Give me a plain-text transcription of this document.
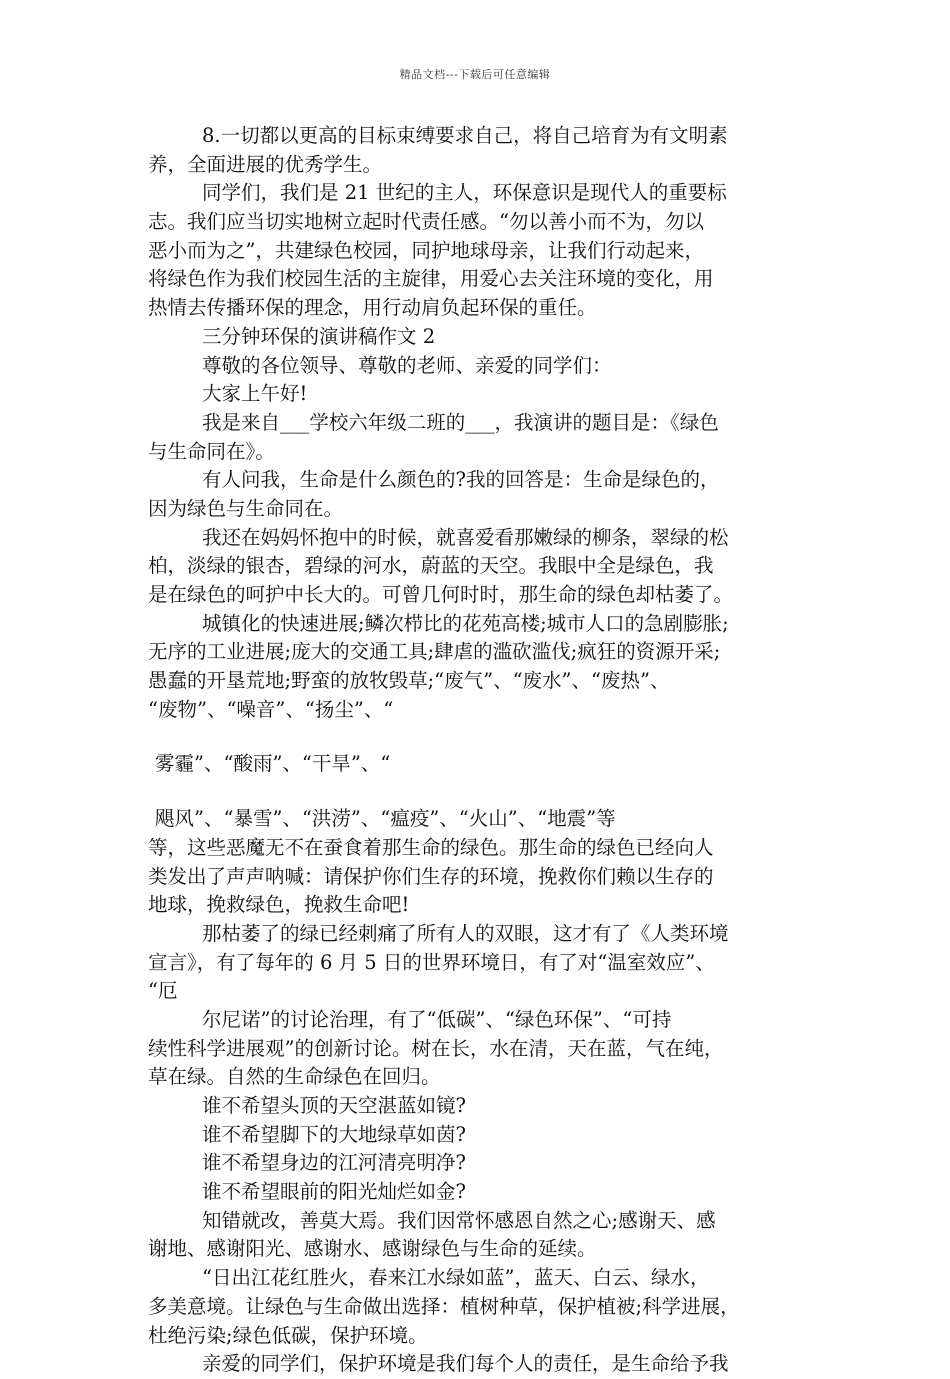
精品文档---下载后可任意编辑
8.一切都以更高的目标束缚要求自己，将自己培育为有文明素
养，全面进展的优秀学生。
同学们，我们是 21 世纪的主人，环保意识是现代人的重要标
志。我们应当切实地树立起时代责任感。“勿以善小而不为，勿以
恶小而为之”，共建绿色校园，同护地球母亲，让我们行动起来，
将绿色作为我们校园生活的主旋律，用爱心去关注环境的变化，用
热情去传播环保的理念，用行动肩负起环保的重任。
三分钟环保的演讲稿作文 2
尊敬的各位领导、尊敬的老师、亲爱的同学们：
大家上午好!
我是来自___学校六年级二班的___，我演讲的题目是：《绿色
与生命同在》。
有人问我，生命是什么颜色的?我的回答是：生命是绿色的，
因为绿色与生命同在。
我还在妈妈怀抱中的时候，就喜爱看那嫩绿的柳条，翠绿的松
柏，淡绿的银杏，碧绿的河水，蔚蓝的天空。我眼中全是绿色，我
是在绿色的呵护中长大的。可曾几何时时，那生命的绿色却枯萎了。
城镇化的快速进展;鳞次栉比的花苑高楼;城市人口的急剧膨胀;
无序的工业进展;庞大的交通工具;肆虐的滥砍滥伐;疯狂的资源开采;
愚蠢的开垦荒地;野蛮的放牧毁草;“废气”、“废水”、“废热”、
“废物”、“噪音”、“扬尘”、“
雾霾”、“酸雨”、“干旱”、“
飓风”、“暴雪”、“洪涝”、“瘟疫”、“火山”、“地震”等
等，这些恶魔无不在蚕食着那生命的绿色。那生命的绿色已经向人
类发出了声声呐喊：请保护你们生存的环境，挽救你们赖以生存的
地球，挽救绿色，挽救生命吧!
那枯萎了的绿已经刺痛了所有人的双眼，这才有了《人类环境
宣言》，有了每年的 6 月 5 日的世界环境日，有了对“温室效应”、
“厄
尔尼诺”的讨论治理，有了“低碳”、“绿色环保”、“可持
续性科学进展观”的创新讨论。树在长，水在清，天在蓝，气在纯，
草在绿。自然的生命绿色在回归。
谁不希望头顶的天空湛蓝如镜?
谁不希望脚下的大地绿草如茵?
谁不希望身边的江河清亮明净?
谁不希望眼前的阳光灿烂如金?
知错就改，善莫大焉。我们因常怀感恩自然之心;感谢天、感
谢地、感谢阳光、感谢水、感谢绿色与生命的延续。
“日出江花红胜火，春来江水绿如蓝”，蓝天、白云、绿水，
多美意境。让绿色与生命做出选择：植树种草，保护植被;科学进展，
杜绝污染;绿色低碳，保护环境。
亲爱的同学们，保护环境是我们每个人的责任，是生命给予我
